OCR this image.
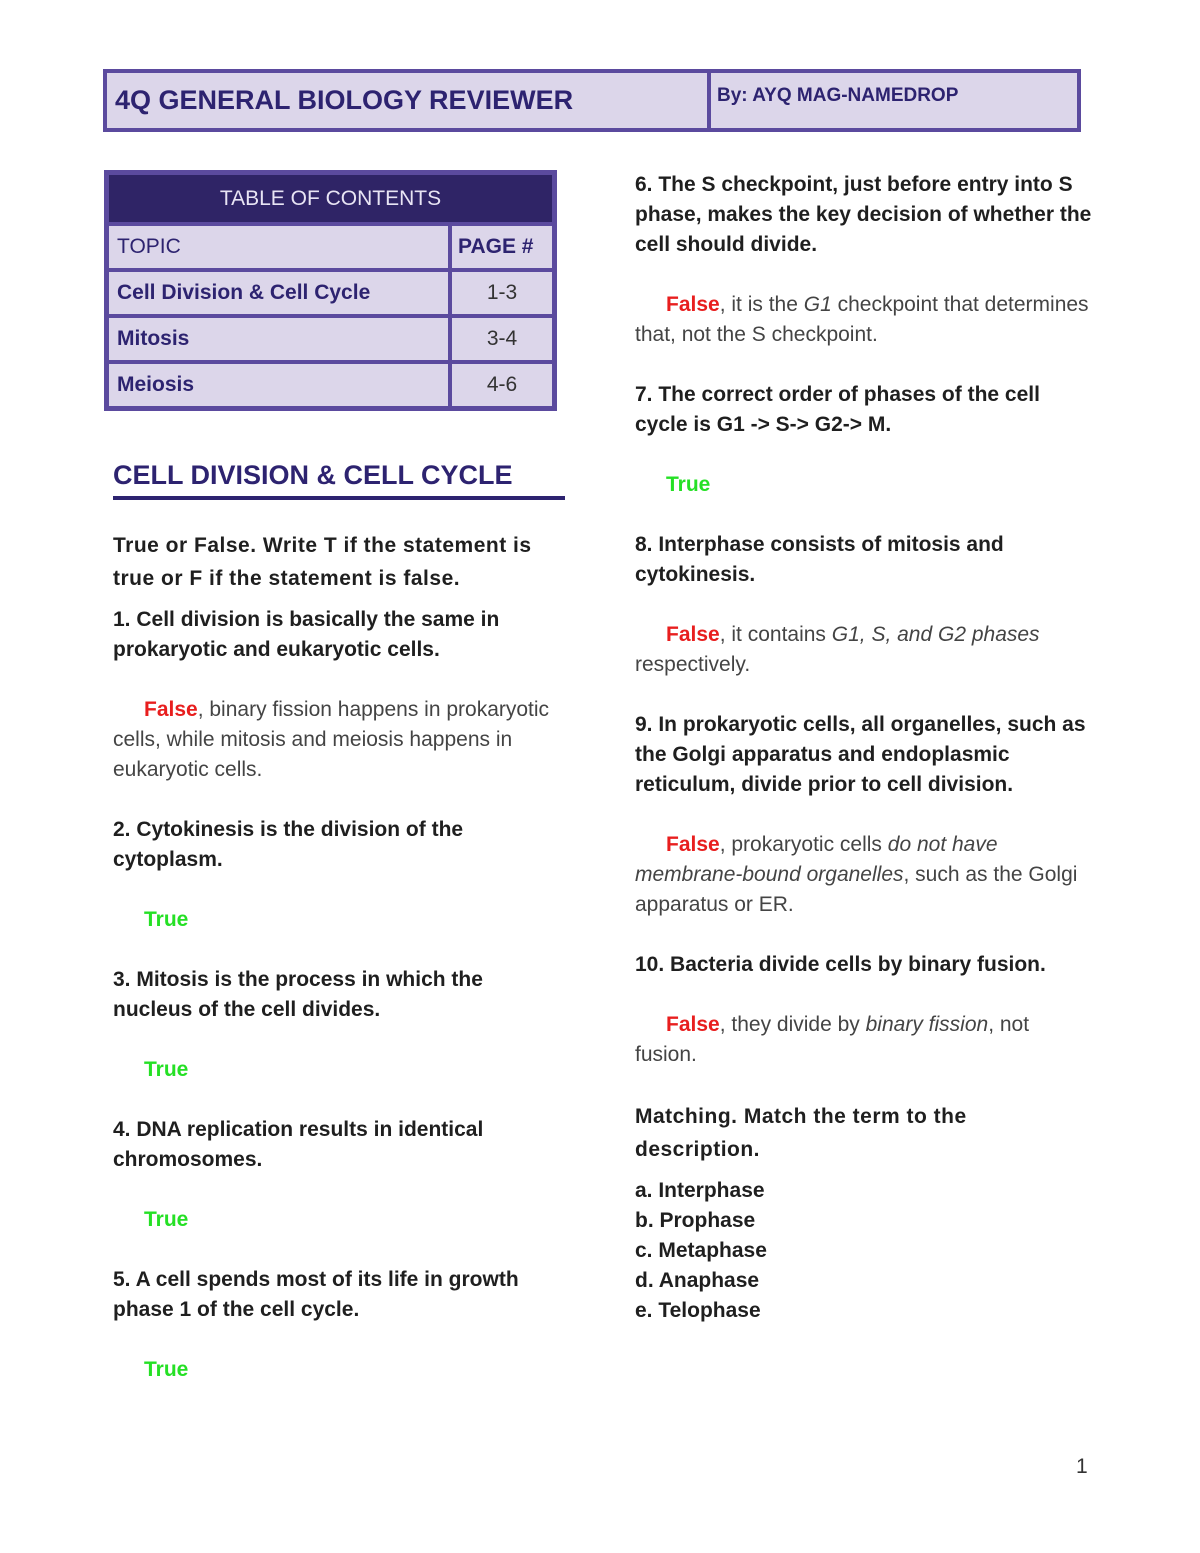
4Q GENERAL BIOLOGY REVIEWER	By: AYQ MAG-NAMEDROP
TABLE OF CONTENTS	
TOPIC	PAGE #
Cell Division & Cell Cycle	1-3
Mitosis	3-4
Meiosis	4-6
CELL DIVISION & CELL CYCLE

True or False. Write T if the statement is true or F if the statement is false.

1. Cell division is basically the same in prokaryotic and eukaryotic cells.

False, binary fission happens in prokaryotic cells, while mitosis and meiosis happens in eukaryotic cells.

2. Cytokinesis is the division of the cytoplasm.

True

3. Mitosis is the process in which the nucleus of the cell divides.

True

4. DNA replication results in identical chromosomes.

True

5. A cell spends most of its life in growth phase 1 of the cell cycle.

True

6. The S checkpoint, just before entry into S phase, makes the key decision of whether the cell should divide.

False, it is the G1 checkpoint that determines that, not the S checkpoint.

7. The correct order of phases of the cell cycle is G1 -> S-> G2-> M.

True

8. Interphase consists of mitosis and cytokinesis.

False, it contains G1, S, and G2 phases respectively.

9. In prokaryotic cells, all organelles, such as the Golgi apparatus and endoplasmic reticulum, divide prior to cell division.

False, prokaryotic cells do not have membrane-bound organelles, such as the Golgi apparatus or ER.

10. Bacteria divide cells by binary fusion.

False, they divide by binary fission, not fusion.

Matching. Match the term to the description.

a. Interphase
b. Prophase
c. Metaphase
d. Anaphase
e. Telophase
1
